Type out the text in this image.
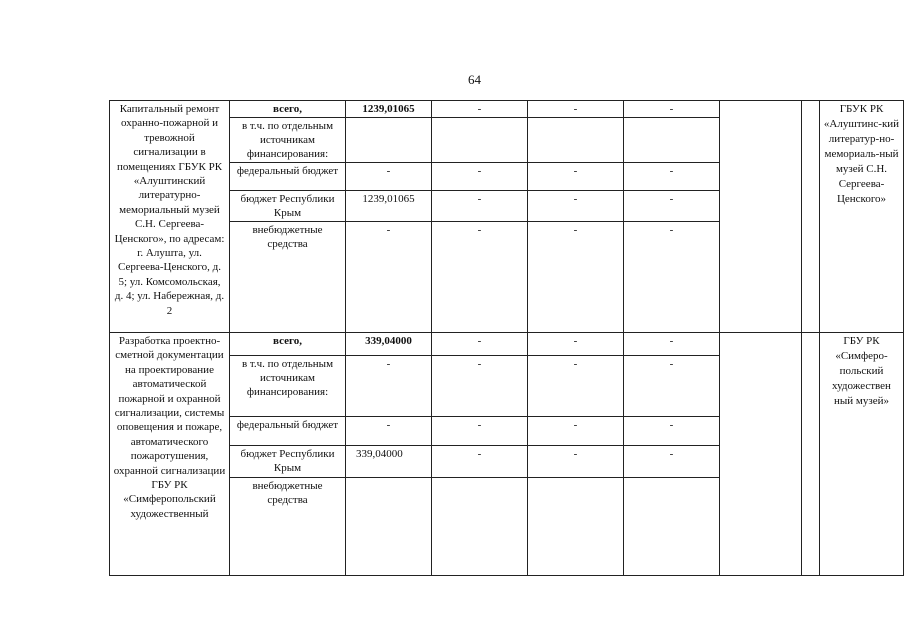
64
Капитальный ремонт охранно-пожарной и тревожной сигнализации в помещениях ГБУК РК «Алуштинский литературно-мемориальный музей С.Н. Сергеева-Ценского», по адресам: г. Алушта, ул. Сергеева-Ценского, д. 5; ул. Комсомольская, д. 4; ул. Набережная, д. 2	всего,	1239,01065	-	-	-			ГБУК РК «Алуштинс-кий литератур-но-мемориаль-ный музей С.Н. Сергеева-Ценского»
	в т.ч. по отдельным источникам финансирования:							
	федеральный бюджет	-	-	-	-			
	бюджет Республики Крым	1239,01065	-	-	-			
	внебюджетные средства	-	-	-	-			
Разработка проектно-сметной документации на проектирование автоматической пожарной и охранной сигнализации, системы оповещения и пожаре, автоматического пожаротушения, охранной сигнализации ГБУ РК «Симферопольский художественный	всего,	339,04000	-	-	-			ГБУ РК «Симферо-польский художествен ный музей»
	в т.ч. по отдельным источникам финансирования:	-	-	-	-			
	федеральный бюджет	-	-	-	-			
	бюджет Республики Крым	339,04000	-	-	-			
	внебюджетные средства							
